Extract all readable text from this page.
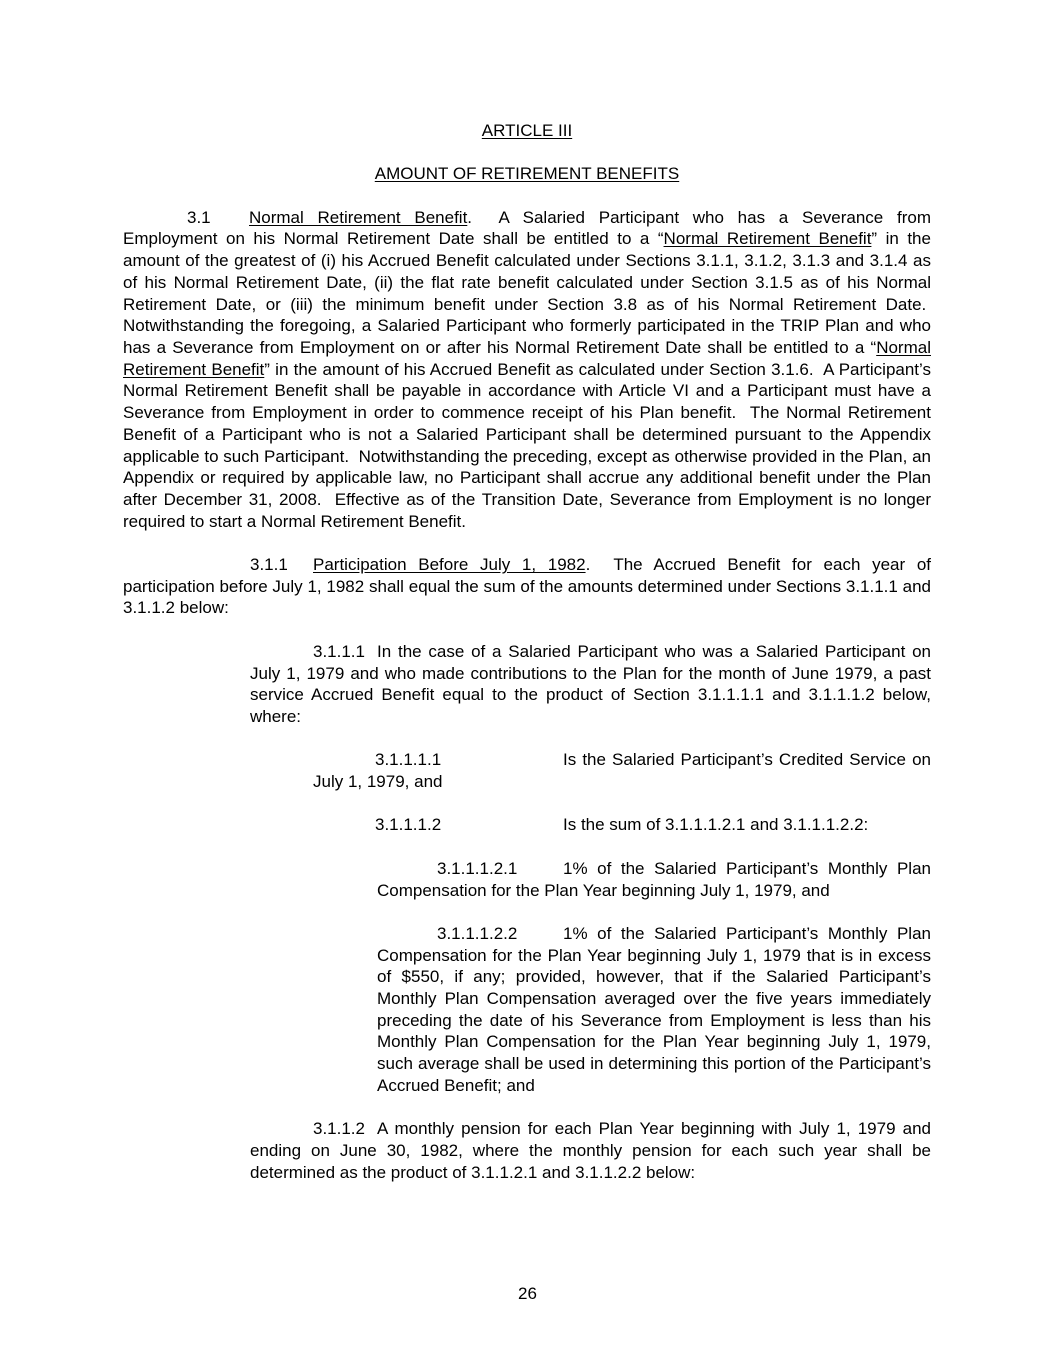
ARTICLE III
AMOUNT OF RETIREMENT BENEFITS

3.1 Normal Retirement Benefit.  A Salaried Participant who has a Severance from Employment on his Normal Retirement Date shall be entitled to a “Normal Retirement Benefit” in the amount of the greatest of (i) his Accrued Benefit calculated under Sections 3.1.1, 3.1.2, 3.1.3 and 3.1.4 as of his Normal Retirement Date, (ii) the flat rate benefit calculated under Section 3.1.5 as of his Normal Retirement Date, or (iii) the minimum benefit under Section 3.8 as of his Normal Retirement Date.  Notwithstanding the foregoing, a Salaried Participant who formerly participated in the TRIP Plan and who has a Severance from Employment on or after his Normal Retirement Date shall be entitled to a “Normal Retirement Benefit” in the amount of his Accrued Benefit as calculated under Section 3.1.6.  A Participant’s Normal Retirement Benefit shall be payable in accordance with Article VI and a Participant must have a Severance from Employment in order to commence receipt of his Plan benefit.  The Normal Retirement Benefit of a Participant who is not a Salaried Participant shall be determined pursuant to the Appendix applicable to such Participant.  Notwithstanding the preceding, except as otherwise provided in the Plan, an Appendix or required by applicable law, no Participant shall accrue any additional benefit under the Plan after December 31, 2008.  Effective as of the Transition Date, Severance from Employment is no longer required to start a Normal Retirement Benefit.

3.1.1 Participation Before July 1, 1982.  The Accrued Benefit for each year of participation before July 1, 1982 shall equal the sum of the amounts determined under Sections 3.1.1.1 and 3.1.1.2 below:

3.1.1.1 In the case of a Salaried Participant who was a Salaried Participant on July 1, 1979 and who made contributions to the Plan for the month of June 1979, a past service Accrued Benefit equal to the product of Section 3.1.1.1.1 and 3.1.1.1.2 below, where:

3.1.1.1.1	Is the Salaried Participant’s Credited Service on July 1, 1979, and

3.1.1.1.2	Is the sum of 3.1.1.1.2.1 and 3.1.1.1.2.2:

3.1.1.1.2.1	1% of the Salaried Participant’s Monthly Plan Compensation for the Plan Year beginning July 1, 1979, and

3.1.1.1.2.2	1% of the Salaried Participant’s Monthly Plan Compensation for the Plan Year beginning July 1, 1979 that is in excess of $550, if any; provided, however, that if the Salaried Participant’s Monthly Plan Compensation averaged over the five years immediately preceding the date of his Severance from Employment is less than his Monthly Plan Compensation for the Plan Year beginning July 1, 1979, such average shall be used in determining this portion of the Participant’s Accrued Benefit; and

3.1.1.2 A monthly pension for each Plan Year beginning with July 1, 1979 and ending on June 30, 1982, where the monthly pension for each such year shall be determined as the product of 3.1.1.2.1 and 3.1.1.2.2 below:

26
